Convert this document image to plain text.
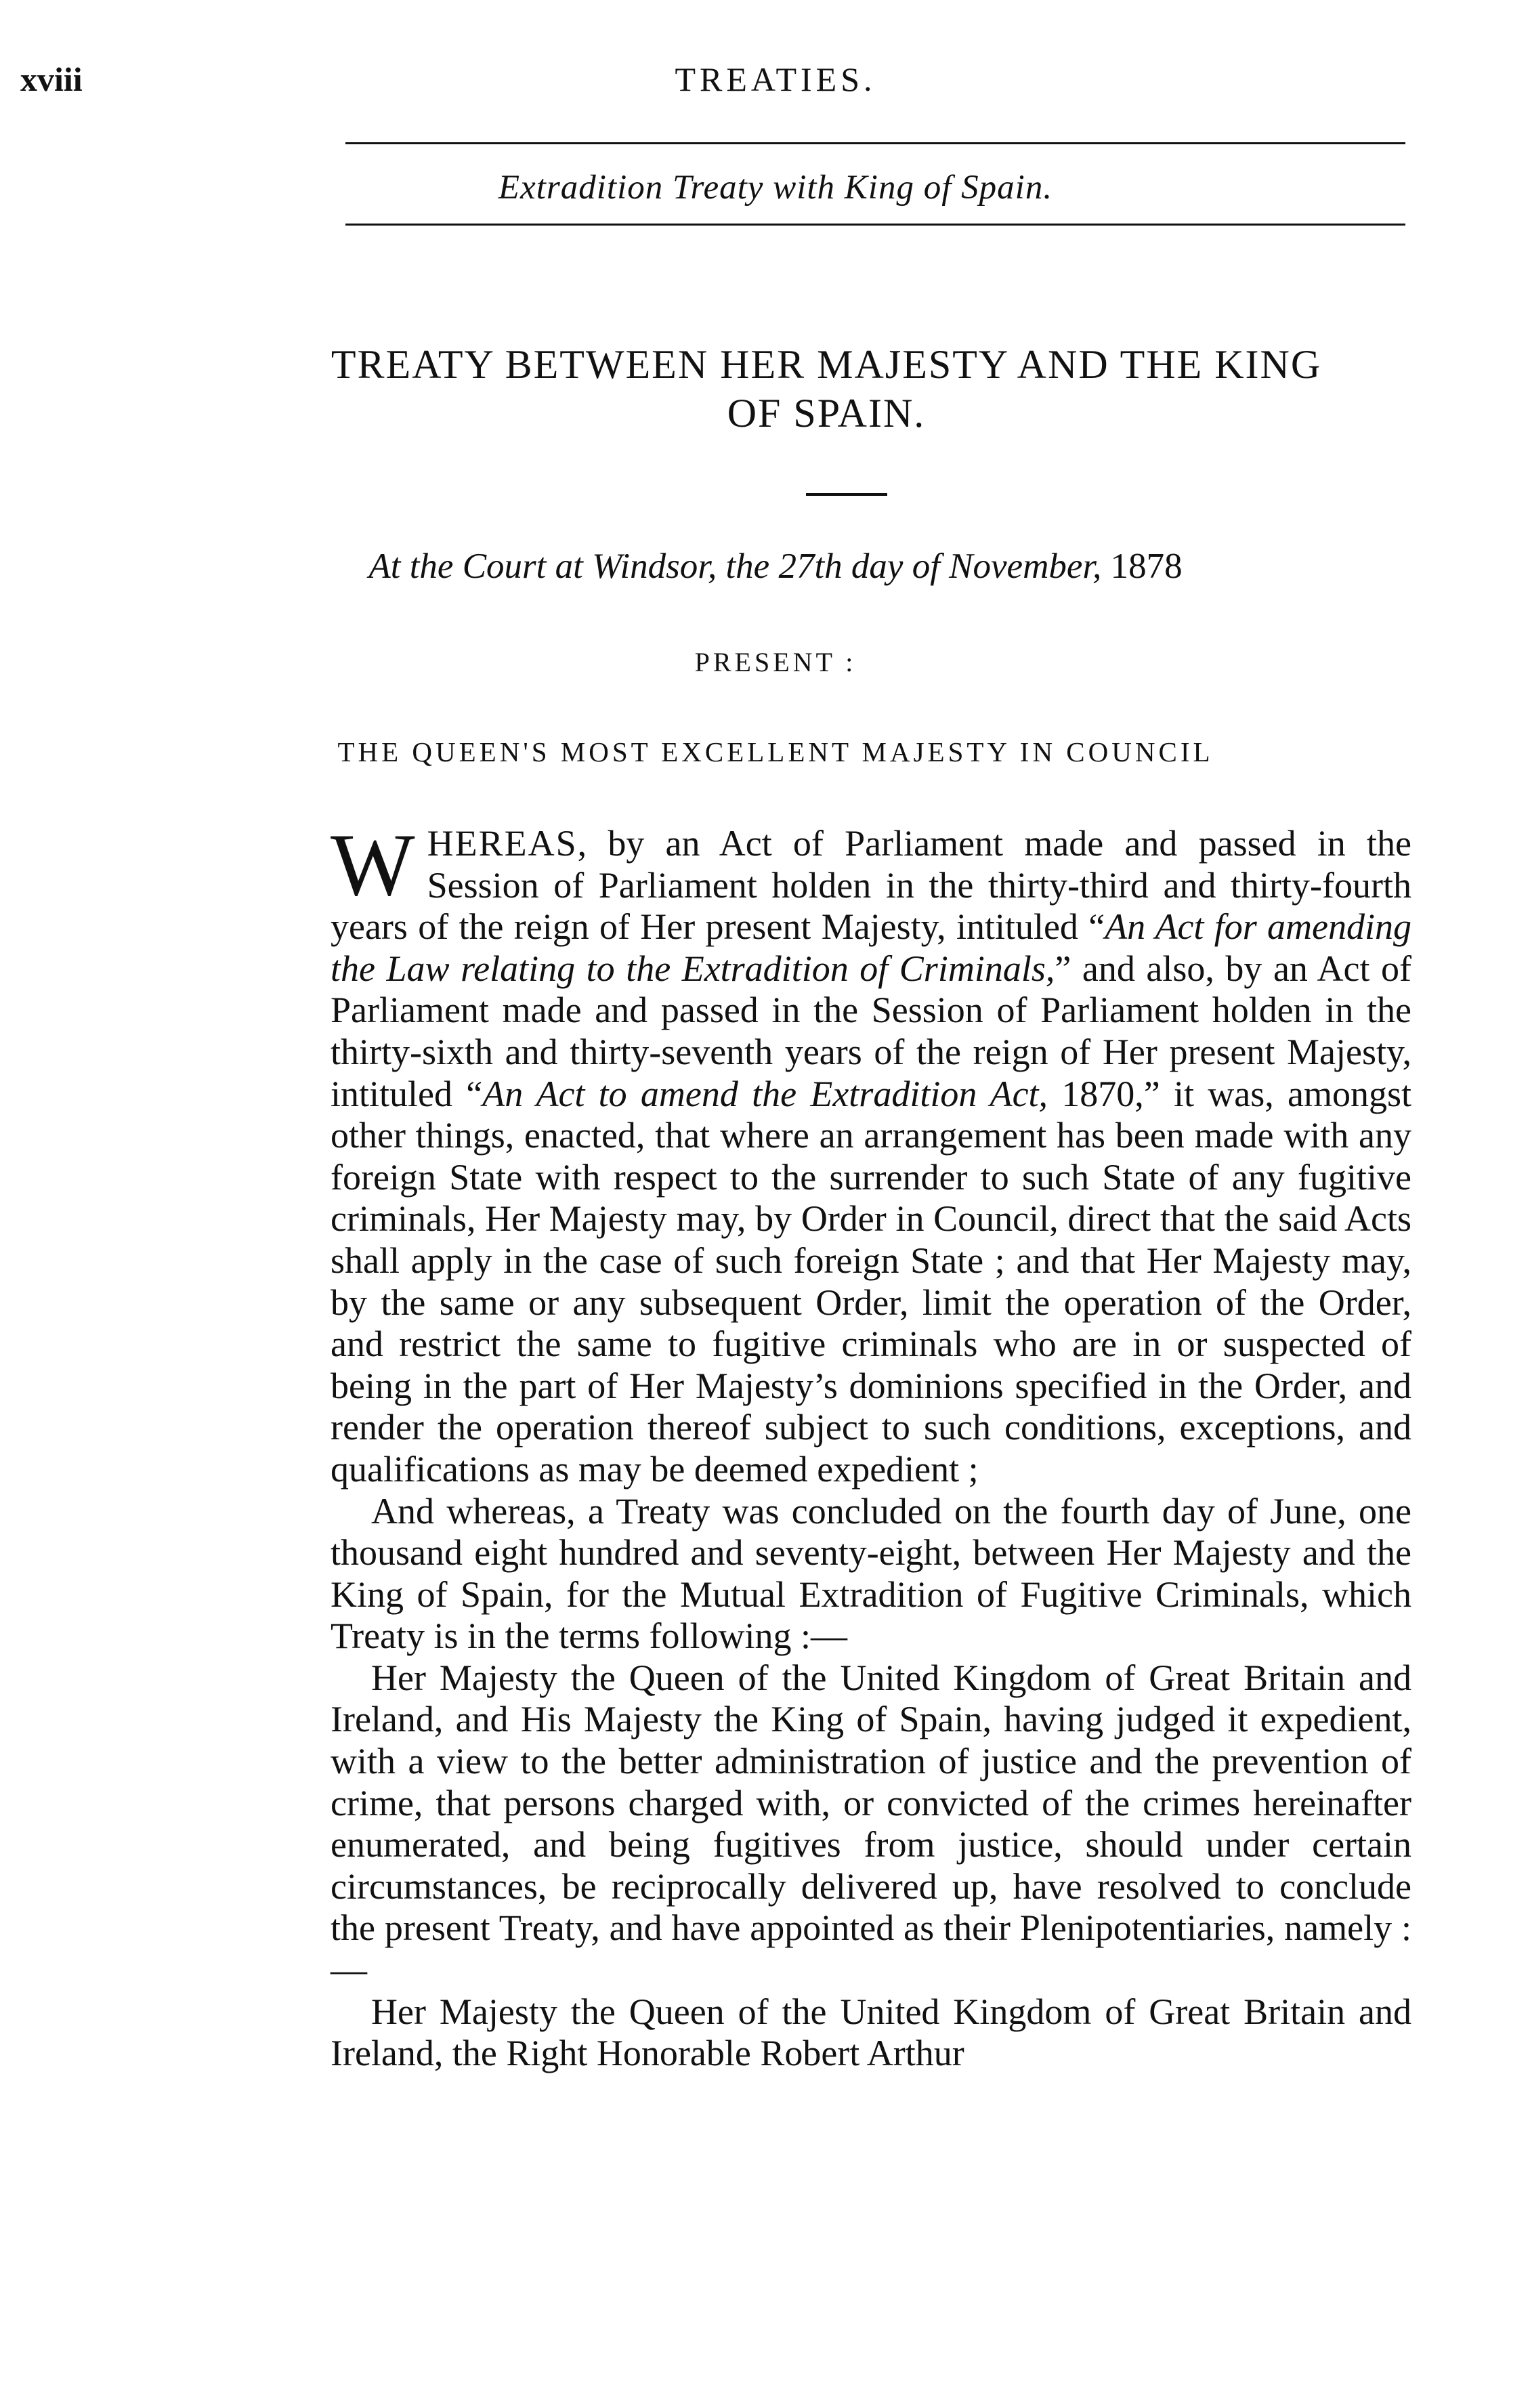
xviii	TREATIES.
Extradition Treaty with King of Spain.
TREATY BETWEEN HER MAJESTY AND THE KING
OF SPAIN.
At the Court at Windsor, the 27th day of November, 1878
PRESENT :
THE QUEEN'S MOST EXCELLENT MAJESTY IN COUNCIL

WHEREAS, by an Act of Parliament made and passed in the Session of Parliament holden in the thirty-third and thirty-fourth years of the reign of Her present Majesty, intituled “An Act for amending the Law relating to the Extradition of Criminals,” and also, by an Act of Parliament made and passed in the Session of Parliament holden in the thirty-sixth and thirty-seventh years of the reign of Her present Majesty, intituled “An Act to amend the Extradition Act, 1870,” it was, amongst other things, enacted, that where an arrangement has been made with any foreign State with respect to the surrender to such State of any fugitive criminals, Her Majesty may, by Order in Council, direct that the said Acts shall apply in the case of such foreign State ; and that Her Majesty may, by the same or any subsequent Order, limit the operation of the Order, and restrict the same to fugitive criminals who are in or suspected of being in the part of Her Majesty’s dominions specified in the Order, and render the operation thereof subject to such conditions, exceptions, and qualifications as may be deemed expedient ;

And whereas, a Treaty was concluded on the fourth day of June, one thousand eight hundred and seventy-eight, between Her Majesty and the King of Spain, for the Mutual Extradition of Fugitive Criminals, which Treaty is in the terms following :—

Her Majesty the Queen of the United Kingdom of Great Britain and Ireland, and His Majesty the King of Spain, having judged it expedient, with a view to the better administration of justice and the prevention of crime, that persons charged with, or convicted of the crimes hereinafter enumerated, and being fugitives from justice, should under certain circumstances, be reciprocally delivered up, have resolved to conclude the present Treaty, and have appointed as their Plenipotentiaries, namely :—

Her Majesty the Queen of the United Kingdom of Great Britain and Ireland, the Right Honorable Robert Arthur
